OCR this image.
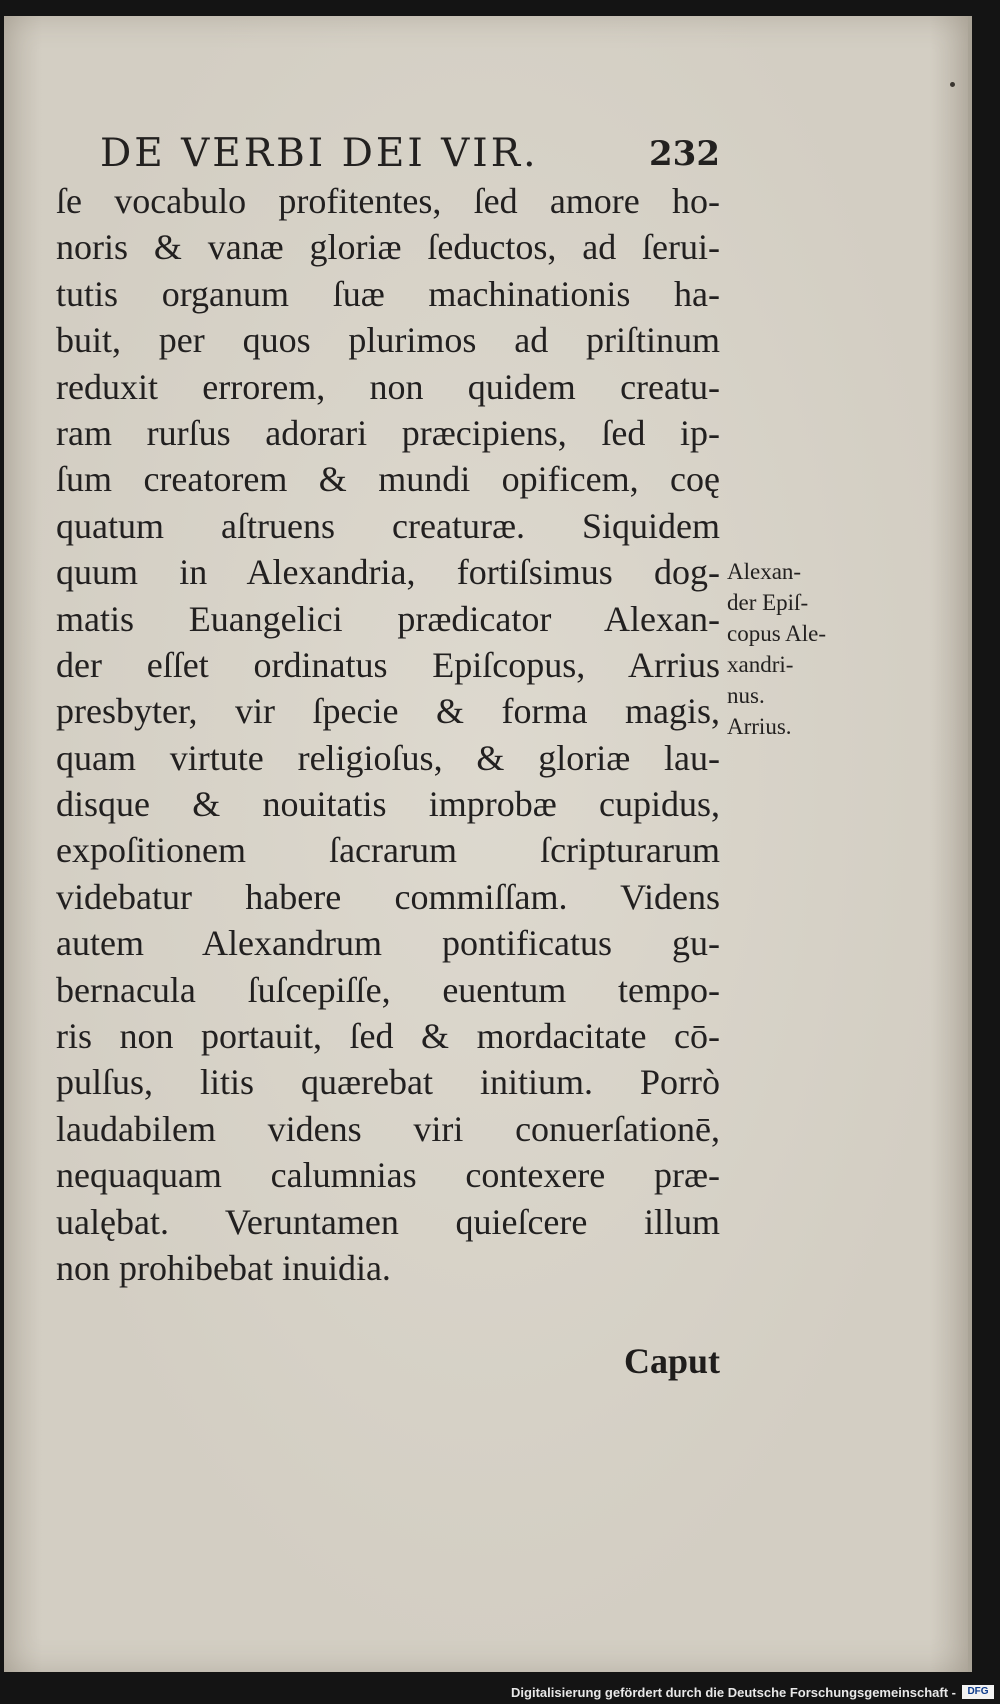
DE VERBI DEI VIR.	232
ſe vocabulo profitentes, ſed amore ho-
noris & vanæ gloriæ ſeductos, ad ſerui-
tutis organum ſuæ machinationis ha-
buit, per quos plurimos ad priſtinum
reduxit errorem, non quidem creatu-
ram rurſus adorari præcipiens, ſed ip-
ſum creatorem & mundi opificem, coę
quatum aſtruens creaturæ. Siquidem
quum in Alexandria, fortiſsimus dog-
matis Euangelici prædicator Alexan-
der eſſet ordinatus Epiſcopus, Arrius
presbyter, vir ſpecie & forma magis,
quam virtute religioſus, & gloriæ lau-
disque & nouitatis improbæ cupidus,
expoſitionem ſacrarum ſcripturarum
videbatur habere commiſſam. Videns
autem Alexandrum pontificatus gu-
bernacula ſuſcepiſſe, euentum tempo-
ris non portauit, ſed & mordacitate cō-
pulſus, litis quærebat initium. Porrò
laudabilem videns viri conuerſationē,
nequaquam calumnias contexere præ-
ualębat. Veruntamen quieſcere illum
non prohibebat inuidia.
Alexan-
der Epiſ-
copus Ale-
xandri-
nus.
Arrius.
Caput
Digitalisierung gefördert durch die Deutsche Forschungsgemeinschaft -	DFG
